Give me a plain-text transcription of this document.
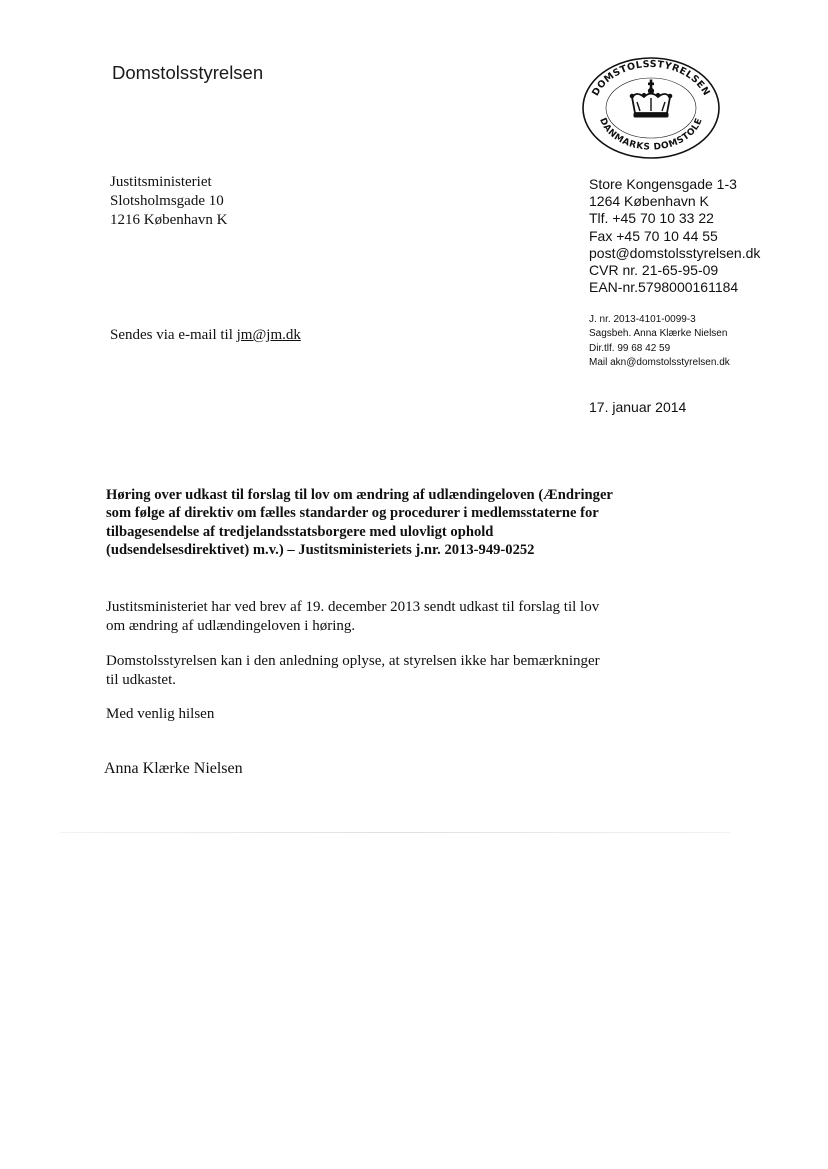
Domstolsstyrelsen
DOMSTOLSSTYRELSEN
DANMARKS DOMSTOLE
Justitsministeriet
Slotsholmsgade 10
1216 København K
Store Kongensgade 1-3
1264 København K
Tlf. +45 70 10 33 22
Fax +45 70 10 44 55
post@domstolsstyrelsen.dk
CVR nr. 21-65-95-09
EAN-nr.5798000161184
J. nr. 2013-4101-0099-3
Sagsbeh. Anna Klærke Nielsen
Dir.tlf. 99 68 42 59
Mail akn@domstolsstyrelsen.dk
17. januar 2014
Sendes via e-mail til jm@jm.dk
Høring over udkast til forslag til lov om ændring af udlændingeloven (Ændringer som følge af direktiv om fælles standarder og procedurer i medlemsstaterne for tilbagesendelse af tredjelandsstatsborgere med ulovligt ophold (udsendelsesdirektivet) m.v.) – Justitsministeriets j.nr. 2013-949-0252
Justitsministeriet har ved brev af 19. december 2013 sendt udkast til forslag til lov om ændring af udlændingeloven i høring.
Domstolsstyrelsen kan i den anledning oplyse, at styrelsen ikke har bemærkninger til udkastet.
Med venlig hilsen
Anna Klærke Nielsen
